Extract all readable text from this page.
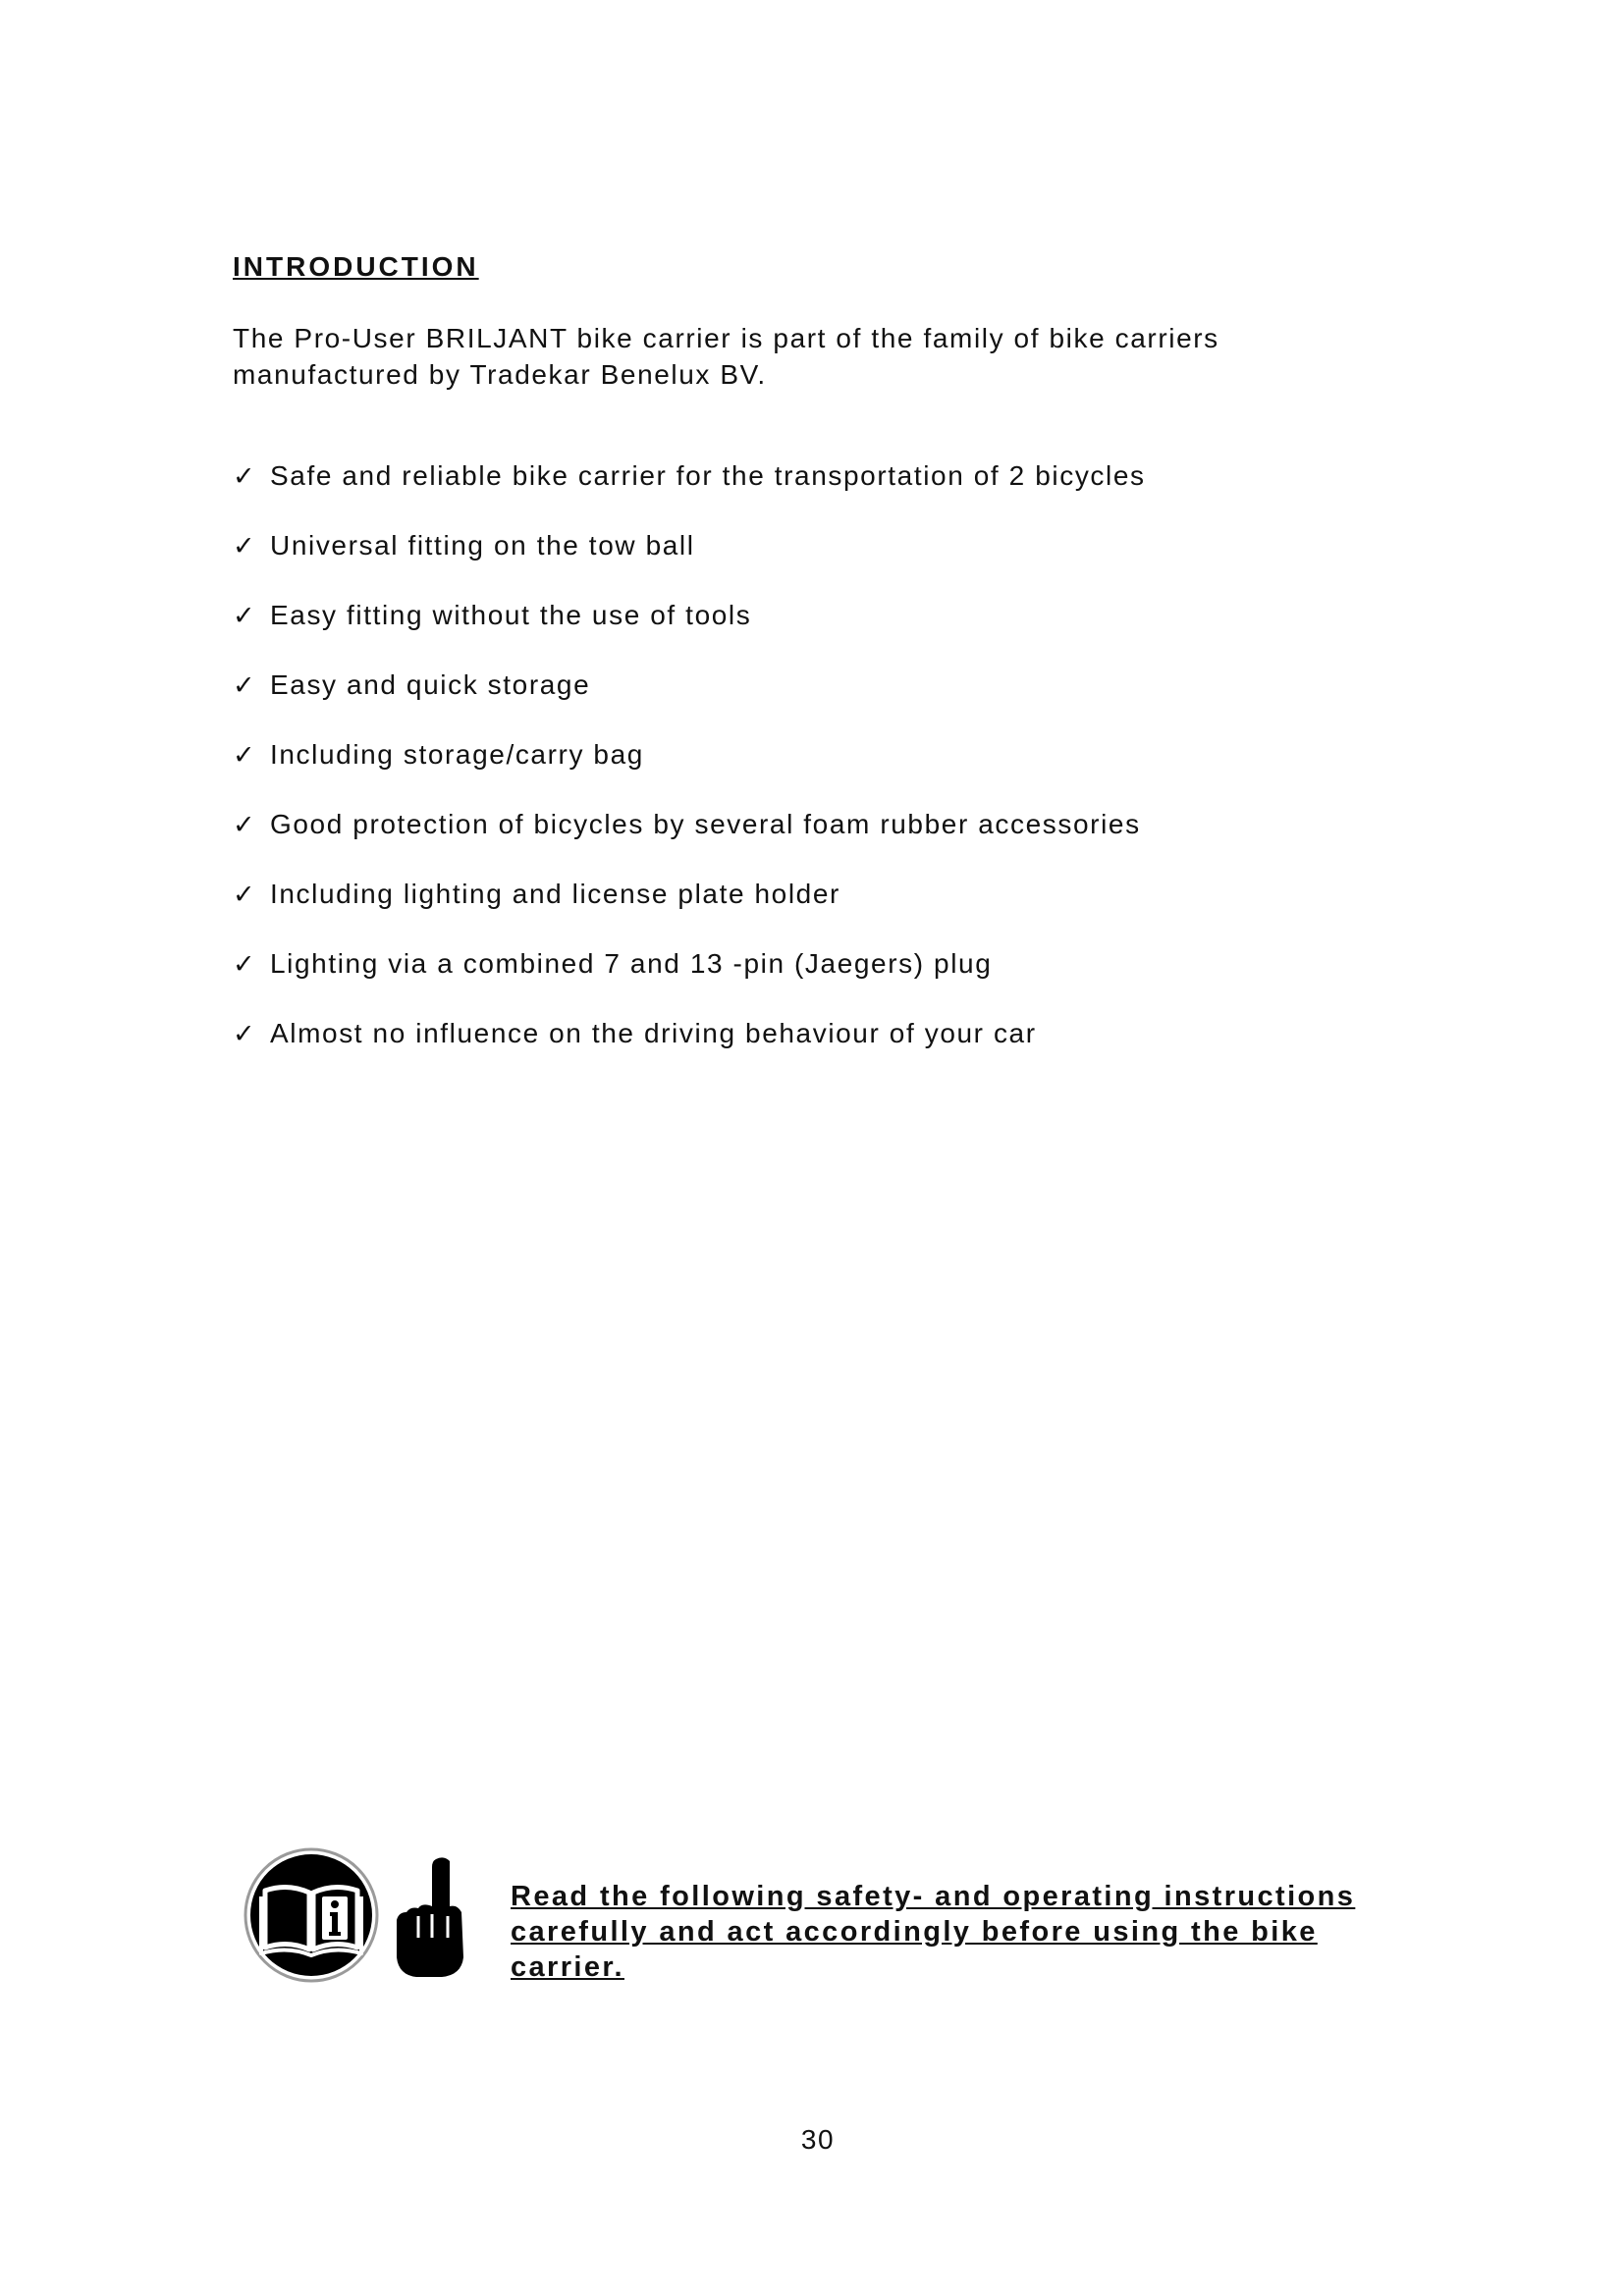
INTRODUCTION

The Pro-User BRILJANT bike carrier is part of the family of bike carriers manufactured by Tradekar Benelux BV.

✓ Safe and reliable bike carrier for the transportation of 2 bicycles
✓ Universal fitting on the tow ball
✓ Easy fitting without the use of tools
✓ Easy and quick storage
✓ Including storage/carry bag
✓ Good protection of bicycles by several foam rubber accessories
✓ Including lighting and license plate holder
✓ Lighting via a combined 7 and 13 -pin (Jaegers) plug
✓ Almost no influence on the driving behaviour of your car

Read the following safety- and operating instructions carefully and act accordingly before using the bike carrier.

30
